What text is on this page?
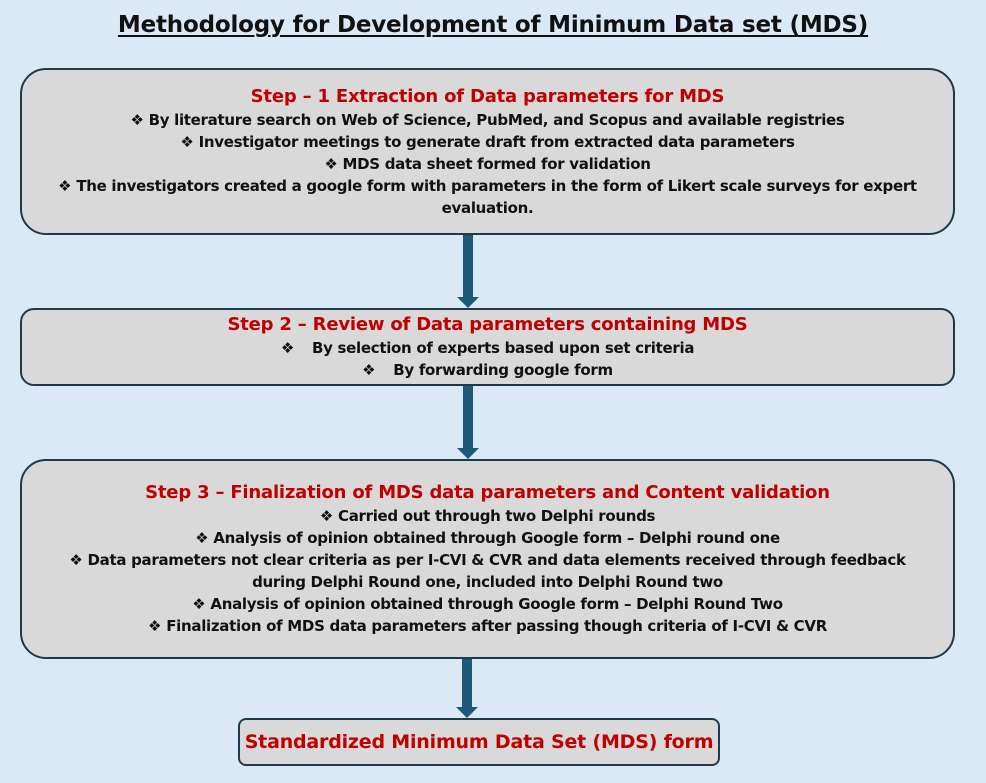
Methodology for Development of Minimum Data set (MDS)
Step – 1 Extraction of Data parameters for MDS
❖ By literature search on Web of Science, PubMed, and Scopus and available registries
❖ Investigator meetings to generate draft from extracted data parameters
❖ MDS data sheet formed for validation
❖ The investigators created a google form with parameters in the form of Likert scale surveys for expert evaluation.
Step 2 – Review of Data parameters containing MDS
❖ By selection of experts based upon set criteria
❖ By forwarding google form
Step 3 – Finalization of MDS data parameters and Content validation
❖ Carried out through two Delphi rounds
❖ Analysis of opinion obtained through Google form – Delphi round one
❖ Data parameters not clear criteria as per I-CVI & CVR and data elements received through feedback during Delphi Round one, included into Delphi Round two
❖ Analysis of opinion obtained through Google form – Delphi Round Two
❖ Finalization of MDS data parameters after passing though criteria of I-CVI & CVR
Standardized Minimum Data Set (MDS) form
